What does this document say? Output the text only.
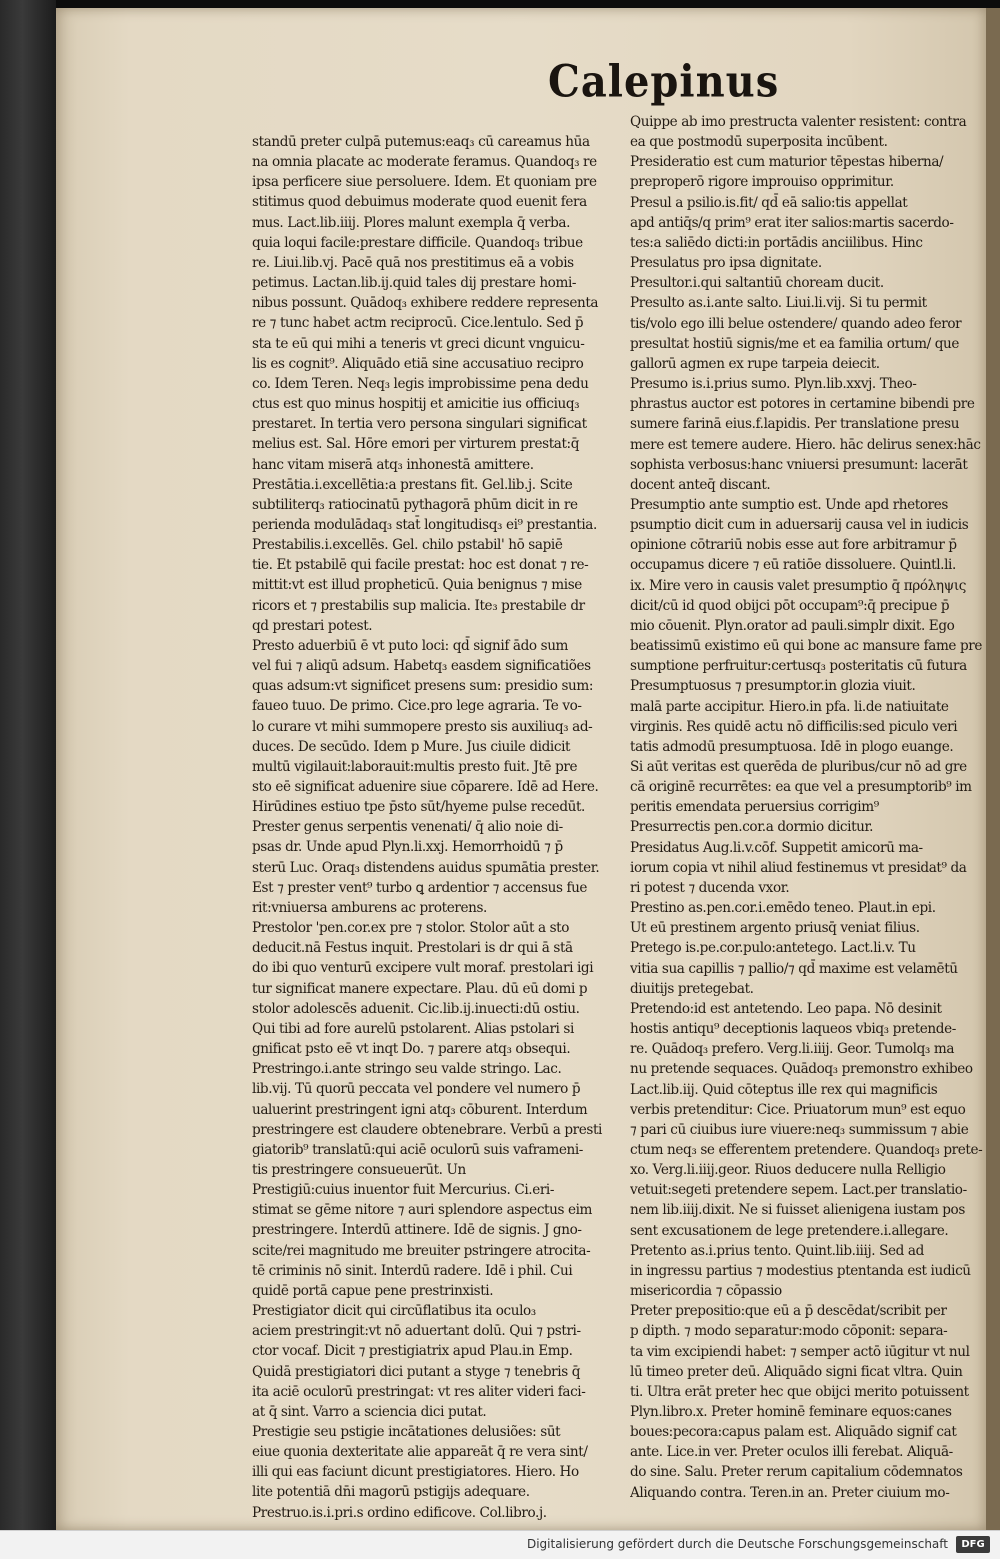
Calepinus

standū preter culpā putemus:eaq₃ cū careamus hūa

na omnia placate ac moderate feramus. Quandoq₃ re

ipsa perficere siue persoluere. Idem. Et quoniam pre

stitimus quod debuimus moderate quod euenit fera

mus. Lact.lib.iiij. Plores malunt exempla q̄ verba.

quia loqui facile:prestare difficile. Quandoq₃ tribue

re. Liui.lib.vj. Pacē quā nos prestitimus eā a vobis

petimus. Lactan.lib.ij.quid tales dij prestare homi-

nibus possunt. Quādoq₃ exhibere reddere representa

re ⁊ tunc habet actm reciprocū. Cice.lentulo. Sed p̄

sta te eū qui mihi a teneris vt greci dicunt vnguicu-

lis es cognit⁹. Aliquādo etiā sine accusatiuo recipro

co. Idem Teren. Neq₃ legis improbissime pena dedu

ctus est quo minus hospitij et amicitie ius officiuq₃

prestaret. In tertia vero persona singulari significat

melius est. Sal. Hōre emori per virturem prestat:q̄

hanc vitam miserā atq₃ inhonestā amittere.

Prestātia.i.excellētia:a prestans fit. Gel.lib.j. Scite

subtiliterq₃ ratiocinatū pythagorā phūm dicit in re

perienda modulādaq₃ stat̄ longitudisq₃ ei⁹ prestantia.

Prestabilis.i.excellēs. Gel. chilo pstabil' hō sapiē

tie. Et pstabilē qui facile prestat: hoc est donat ⁊ re-

mittit:vt est illud propheticū. Quia benignus ⁊ mise

ricors et ⁊ prestabilis sup malicia. Ite₃ prestabile dr

qd prestari potest.

Presto aduerbiū ē vt puto loci: qd̄ signif ādo sum

vel fui ⁊ aliqū adsum. Habetq₃ easdem significatiões

quas adsum:vt significet presens sum: presidio sum:

faueo tuuo. De primo. Cice.pro lege agraria. Te vo-

lo curare vt mihi summopere presto sis auxiliuq₃ ad-

duces. De secūdo. Idem p Mure. Jus ciuile didicit

multū vigilauit:laborauit:multis presto fuit. Jtē pre

sto eē significat aduenire siue cōparere. Idē ad Here.

Hirūdines estiuo tpe p̄sto sūt/hyeme pulse recedūt.

Prester genus serpentis venenati/ q̄ alio noie di-

psas dr. Unde apud Plyn.li.xxj. Hemorrhoidū ⁊ p̄

sterū Luc. Oraq₃ distendens auidus spumātia prester.

Est ⁊ prester vent⁹ turbo ꝗ ardentior ⁊ accensus fue

rit:vniuersa amburens ac proterens.

Prestolor 'pen.cor.ex pre ⁊ stolor. Stolor aūt a sto

deducit.nā Festus inquit. Prestolari is dr qui ā stā

do ibi quo venturū excipere vult moraf. prestolari igi

tur significat manere expectare. Plau. dū eū domi p

stolor adolescēs aduenit. Cic.lib.ij.inuecti:dū ostiu.

Qui tibi ad fore aurelū pstolarent. Alias pstolari si

gnificat psto eē vt inqt Do. ⁊ parere atq₃ obsequi.

Prestringo.i.ante stringo seu valde stringo. Lac.

lib.vij. Tū quorū peccata vel pondere vel numero p̄

ualuerint prestringent igni atq₃ cōburent. Interdum

prestringere est claudere obtenebrare. Verbū a presti

giatorib⁹ translatū:qui aciē oculorū suis vaframeni-

tis prestringere consueuerūt. Un

Prestigiū:cuius inuentor fuit Mercurius. Ci.eri-

stimat se gēme nitore ⁊ auri splendore aspectus eim

prestringere. Interdū attinere. Idē de signis. J gno-

scite/rei magnitudo me breuiter pstringere atrocita-

tē criminis nō sinit. Interdū radere. Idē i phil. Cui

quidē portā capue pene prestrinxisti.

Prestigiator dicit qui circūflatibus ita oculo₃

aciem prestringit:vt nō aduertant dolū. Qui ⁊ pstri-

ctor vocaf. Dicit ⁊ prestigiatrix apud Plau.in Emp.

Quidā prestigiatori dici putant a styge ⁊ tenebris q̄

ita aciē oculorū prestringat: vt res aliter videri faci-

at q̄ sint. Varro a sciencia dici putat.

Prestigie seu pstigie incātationes delusiões: sūt

eiue quonia dexteritate alie appareāt q̄ re vera sint/

illi qui eas faciunt dicunt prestigiatores. Hiero. Ho

lite potentiā dn̄i magorū pstigijs adequare.

Prestruo.is.i.pri.s ordino edificove. Col.libro.j.

Quippe ab imo prestructa valenter resistent: contra

ea que postmodū superposita incūbent.

Presideratio est cum maturior tēpestas hiberna/

preproperō rigore improuiso opprimitur.

Presul a psilio.is.fit/ qd̄ eā salio:tis appellat

apd antiq̄s/q prim⁹ erat iter salios:martis sacerdo-

tes:a saliēdo dicti:in portādis anciilibus. Hinc

Presulatus pro ipsa dignitate.

Presultor.i.qui saltantiū choream ducit.

Presulto as.i.ante salto. Liui.li.vij. Si tu permit

tis/volo ego illi belue ostendere/ quando adeo feror

presultat hostiū signis/me et ea familia ortum/ que

gallorū agmen ex rupe tarpeia deiecit.

Presumo is.i.prius sumo. Plyn.lib.xxvj. Theo-

phrastus auctor est potores in certamine bibendi pre

sumere farinā eius.f.lapidis. Per translatione presu

mere est temere audere. Hiero. hāc delirus senex:hāc

sophista verbosus:hanc vniuersi presumunt: lacerāt

docent anteq̄ discant.

Presumptio ante sumptio est. Unde apd rhetores

psumptio dicit cum in aduersarij causa vel in iudicis

opinione cōtrariū nobis esse aut fore arbitramur p̄

occupamus dicere ⁊ eū ratiōe dissoluere. Quintl.li.

ix. Mire vero in causis valet presumptio q̄ πρόληψις

dicit/cū id quod obijci pōt occupam⁹:q̄ precipue p̄

mio cōuenit. Plyn.orator ad pauli.simplr dixit. Ego

beatissimū existimo eū qui bone ac mansure fame pre

sumptione perfruitur:certusq₃ posteritatis cū futura

Presumptuosus ⁊ presumptor.in glozia viuit.

malā parte accipitur. Hiero.in pfa. li.de natiuitate

virginis. Res quidē actu nō difficilis:sed piculo veri

tatis admodū presumptuosa. Idē in plogo euange.

Si aūt veritas est querēda de pluribus/cur nō ad gre

cā originē recurrētes: ea que vel a presumptorib⁹ im

peritis emendata peruersius corrigim⁹

Presurrectis pen.cor.a dormio dicitur.

Presidatus Aug.li.v.cōf. Suppetit amicorū ma-

iorum copia vt nihil aliud festinemus vt presidat⁹ da

ri potest ⁊ ducenda vxor.

Prestino as.pen.cor.i.emēdo teneo. Plaut.in epi.

Ut eū prestinem argento priusq̄ veniat filius.

Pretego is.pe.cor.pulo:antetego. Lact.li.v. Tu

vitia sua capillis ⁊ pallio/⁊ qd̄ maxime est velamētū

diuitijs pretegebat.

Pretendo:id est antetendo. Leo papa. Nō desinit

hostis antiqu⁹ deceptionis laqueos vbiq₃ pretende-

re. Quādoq₃ prefero. Verg.li.iiij. Geor. Tumolq₃ ma

nu pretende sequaces. Quādoq₃ premonstro exhibeo

Lact.lib.iij. Quid cōteptus ille rex qui magnificis

verbis pretenditur: Cice. Priuatorum mun⁹ est equo

⁊ pari cū ciuibus iure viuere:neq₃ summissum ⁊ abie

ctum neq₃ se efferentem pretendere. Quandoq₃ prete-

xo. Verg.li.iiij.geor. Riuos deducere nulla Relligio

vetuit:segeti pretendere sepem. Lact.per translatio-

nem lib.iiij.dixit. Ne si fuisset alienigena iustam pos

sent excusationem de lege pretendere.i.allegare.

Pretento as.i.prius tento. Quint.lib.iiij. Sed ad

in ingressu partius ⁊ modestius ptentanda est iudicū

misericordia ⁊ cōpassio

Preter prepositio:que eū a p̄ descēdat/scribit per

p dipth. ⁊ modo separatur:modo cōponit: separa-

ta vim excipiendi habet: ⁊ semper actō iūgitur vt nul

lū timeo preter deū. Aliquādo signi ficat vltra. Quin

ti. Ultra erāt preter hec que obijci merito potuissent

Plyn.libro.x. Preter hominē feminare equos:canes

boues:pecora:capus palam est. Aliquādo signif cat

ante. Lice.in ver. Preter oculos illi ferebat. Aliquā-

do sine. Salu. Preter rerum capitalium cōdemnatos

Aliquando contra. Teren.in an. Preter ciuium mo-

Digitalisierung gefördert durch die Deutsche Forschungsgemeinschaft	DFG
